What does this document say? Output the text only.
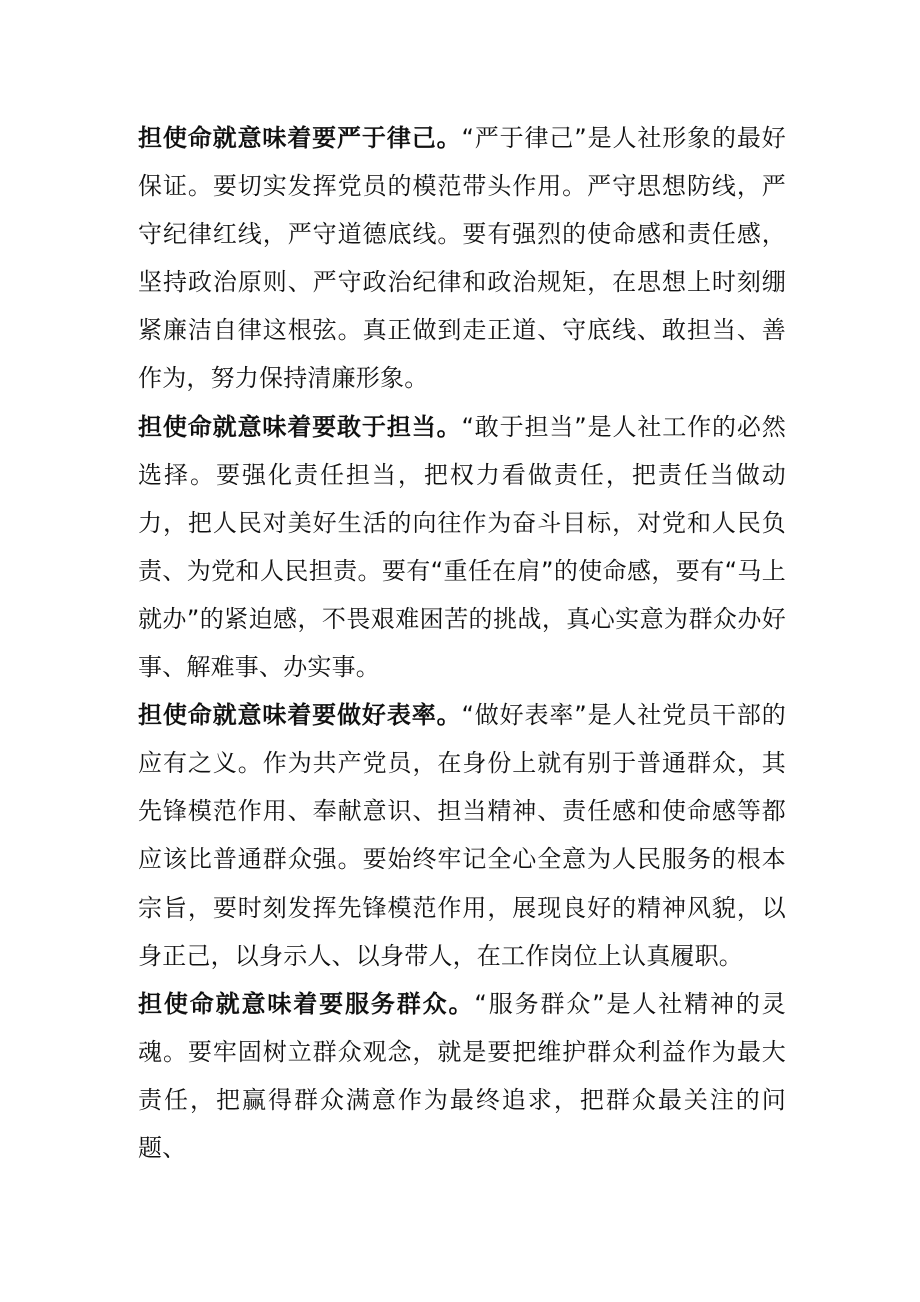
担使命就意味着要严于律己。“严于律己”是人社形象的最好保证。要切实发挥党员的模范带头作用。严守思想防线，严守纪律红线，严守道德底线。要有强烈的使命感和责任感，坚持政治原则、严守政治纪律和政治规矩，在思想上时刻绷紧廉洁自律这根弦。真正做到走正道、守底线、敢担当、善作为，努力保持清廉形象。

担使命就意味着要敢于担当。“敢于担当”是人社工作的必然选择。要强化责任担当，把权力看做责任，把责任当做动力，把人民对美好生活的向往作为奋斗目标，对党和人民负责、为党和人民担责。要有“重任在肩”的使命感，要有“马上就办”的紧迫感，不畏艰难困苦的挑战，真心实意为群众办好事、解难事、办实事。

担使命就意味着要做好表率。“做好表率”是人社党员干部的应有之义。作为共产党员，在身份上就有别于普通群众，其先锋模范作用、奉献意识、担当精神、责任感和使命感等都应该比普通群众强。要始终牢记全心全意为人民服务的根本宗旨，要时刻发挥先锋模范作用，展现良好的精神风貌，以身正己，以身示人、以身带人，在工作岗位上认真履职。

担使命就意味着要服务群众。“服务群众”是人社精神的灵魂。要牢固树立群众观念，就是要把维护群众利益作为最大责任，把赢得群众满意作为最终追求，把群众最关注的问题、
